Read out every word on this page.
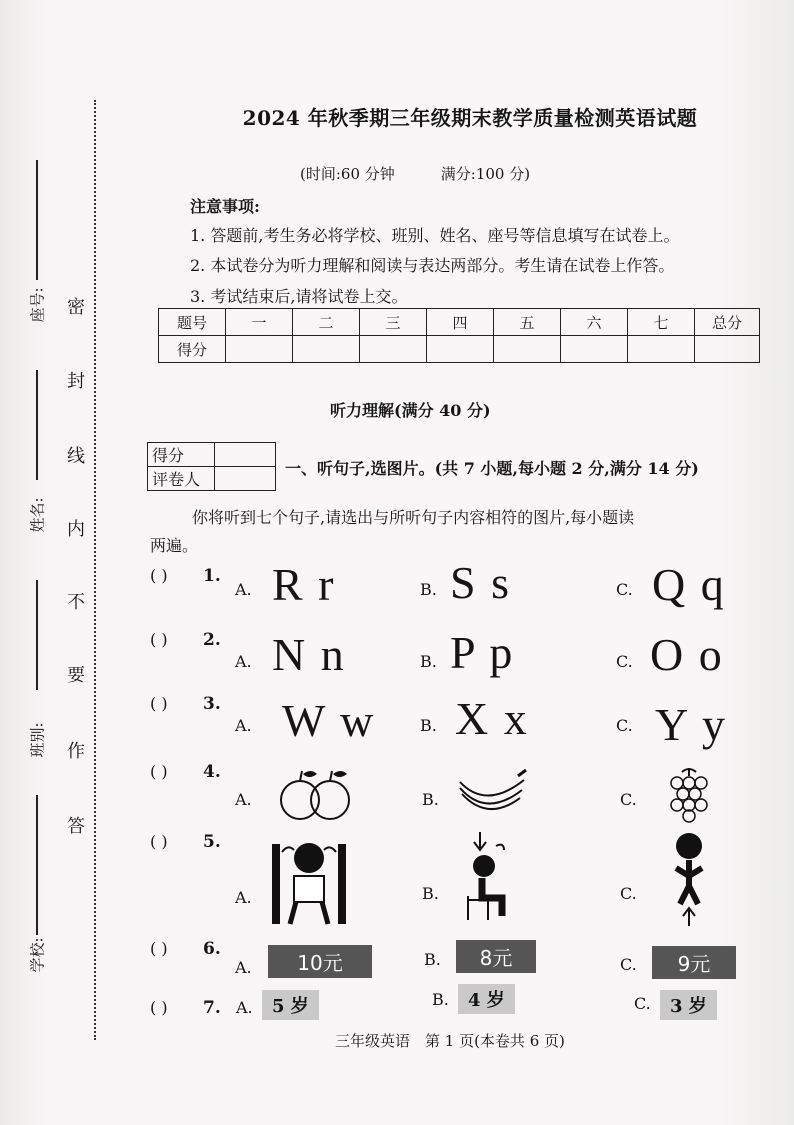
座号:
姓名:
班别:
学校:
密
封
线
内
不
要
作
答
2024 年秋季期三年级期末教学质量检测英语试题
(时间:60 分钟	满分:100 分)
注意事项:
1. 答题前,考生务必将学校、班别、姓名、座号等信息填写在试卷上。
2. 本试卷分为听力理解和阅读与表达两部分。考生请在试卷上作答。
3. 考试结束后,请将试卷上交。
题号	一	二	三	四	五	六	七	总分
得分								
听力理解(满分 40 分)
得分	
评卷人	
一、听句子,选图片。(共 7 小题,每小题 2 分,满分 14 分)
你将听到七个句子,请选出与所听句子内容相符的图片,每小题读
两遍。
( ) 1.
A. R r	B. S s	C. Q q
( ) 2.
A. N n	B. P p	C. O o
( ) 3.
A. W w	B. X x	C. Y y
( ) 4.
A.	B.	C.
( ) 5.
A.	B.	C.
( ) 6.
A.	10元	B.	8元	C.	9元
( ) 7. A.	5 岁	B.	4 岁	C.	3 岁
三年级英语　第 1 页(本卷共 6 页)
